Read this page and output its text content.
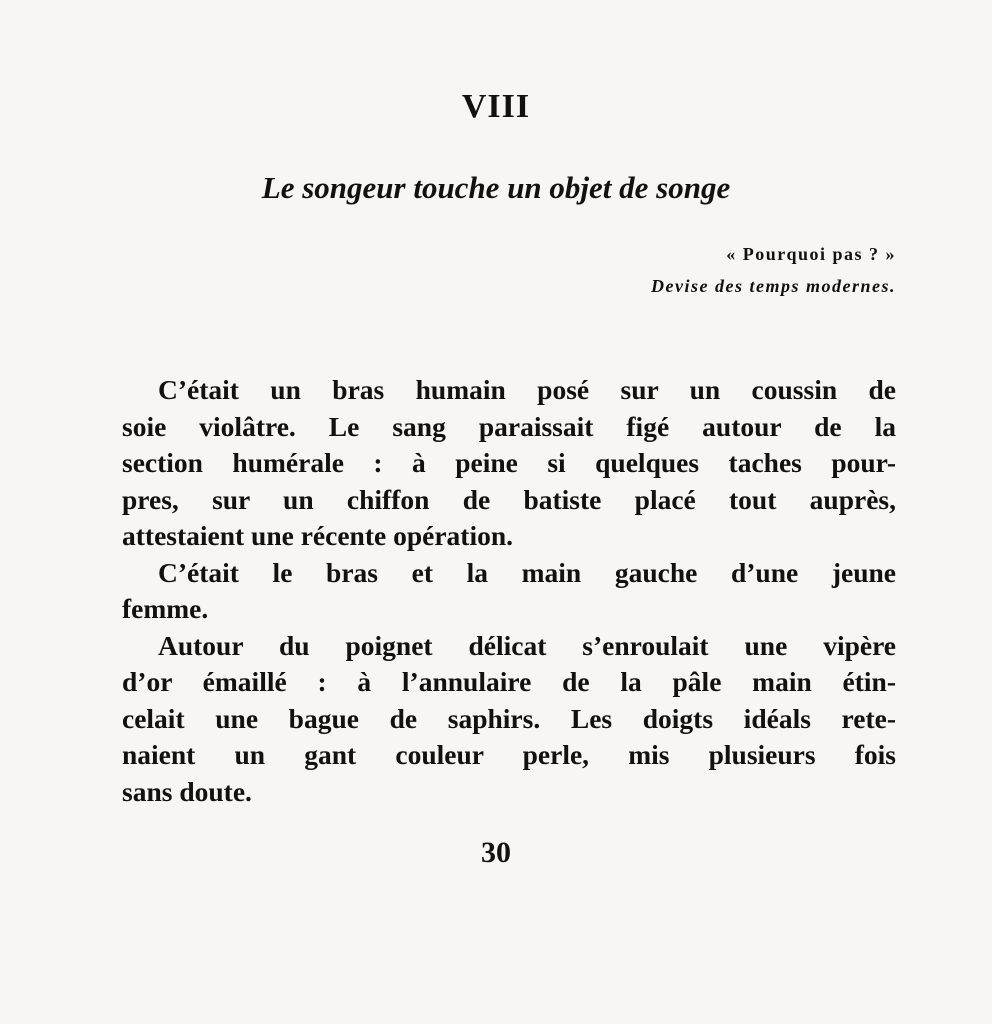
VIII
Le songeur touche un objet de songe
« Pourquoi pas ? »
Devise des temps modernes.

C’était un bras humain posé sur un coussin de
soie violâtre. Le sang paraissait figé autour de la
section humérale : à peine si quelques taches pour-
pres, sur un chiffon de batiste placé tout auprès,
attestaient une récente opération.

C’était le bras et la main gauche d’une jeune
femme.

Autour du poignet délicat s’enroulait une vipère
d’or émaillé : à l’annulaire de la pâle main étin-
celait une bague de saphirs. Les doigts idéals rete-
naient un gant couleur perle, mis plusieurs fois
sans doute.

30
